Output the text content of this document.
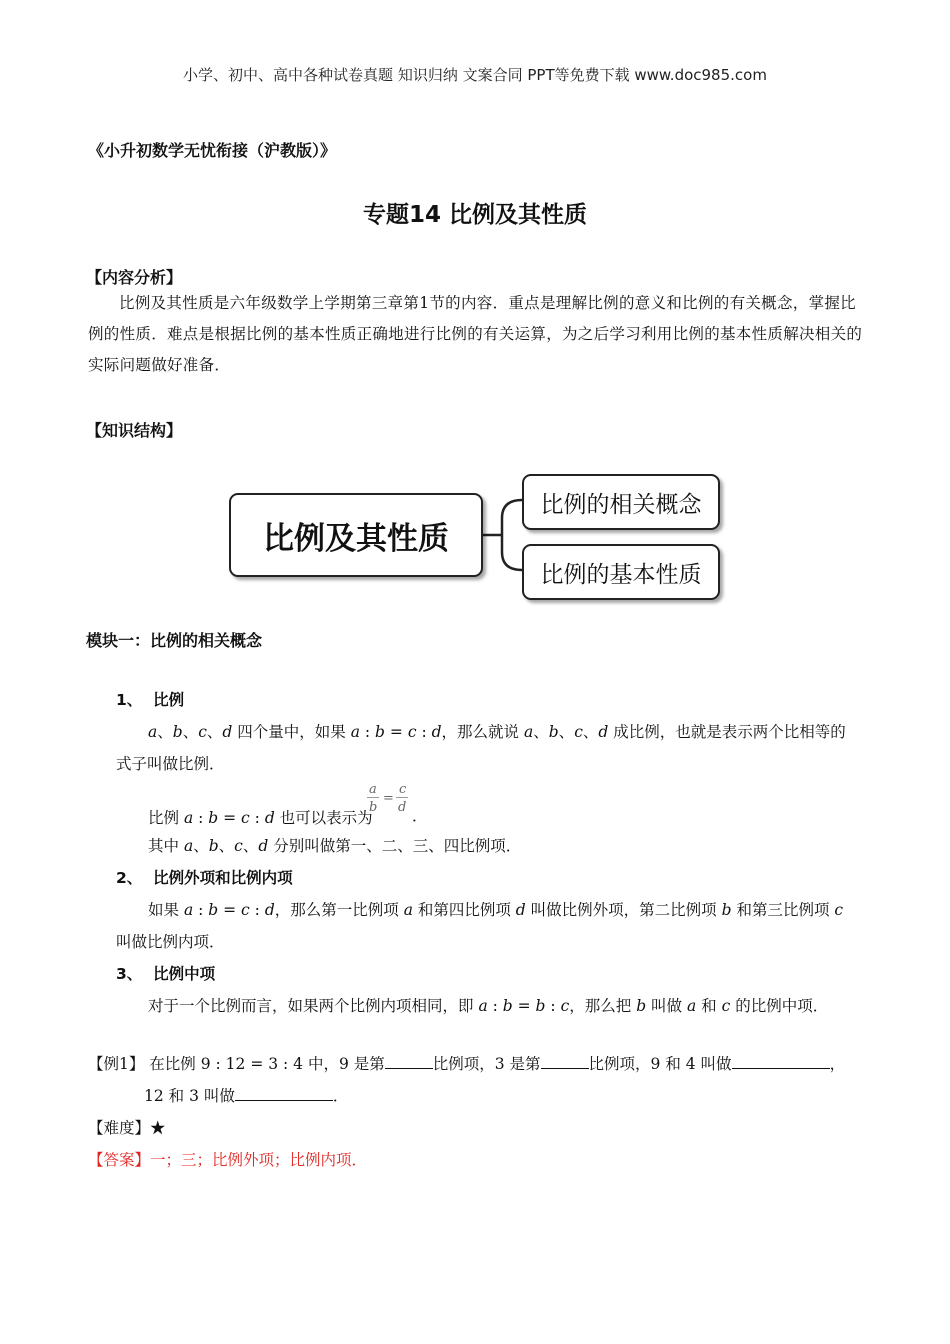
小学、初中、高中各种试卷真题 知识归纳 文案合同 PPT等免费下载 www.doc985.com
《小升初数学无忧衔接（沪教版）》
专题14 比例及其性质
【内容分析】
比例及其性质是六年级数学上学期第三章第1节的内容．重点是理解比例的意义和比例的有关概念，掌握比例的性质．难点是根据比例的基本性质正确地进行比例的有关运算，为之后学习利用比例的基本性质解决相关的实际问题做好准备．
【知识结构】
比例及其性质
比例的相关概念
比例的基本性质
模块一：比例的相关概念
1、 比例
a、b、c、d 四个量中，如果 a : b = c : d，那么就说 a、b、c、d 成比例，也就是表示两个比相等的
式子叫做比例．
a
b
=
c
d
比例 a : b = c : d 也可以表示为	．
其中 a、b、c、d 分别叫做第一、二、三、四比例项．
2、 比例外项和比例内项
如果 a : b = c : d，那么第一比例项 a 和第四比例项 d 叫做比例外项，第二比例项 b 和第三比例项 c
叫做比例内项．
3、 比例中项
对于一个比例而言，如果两个比例内项相同，即 a : b = b : c，那么把 b 叫做 a 和 c 的比例中项．
【例1】 在比例 9 : 12 = 3 : 4 中，9 是第	比例项，3 是第	比例项，9 和 4 叫做	，
12 和 3 叫做	．
【难度】★
【答案】一；三；比例外项；比例内项．
